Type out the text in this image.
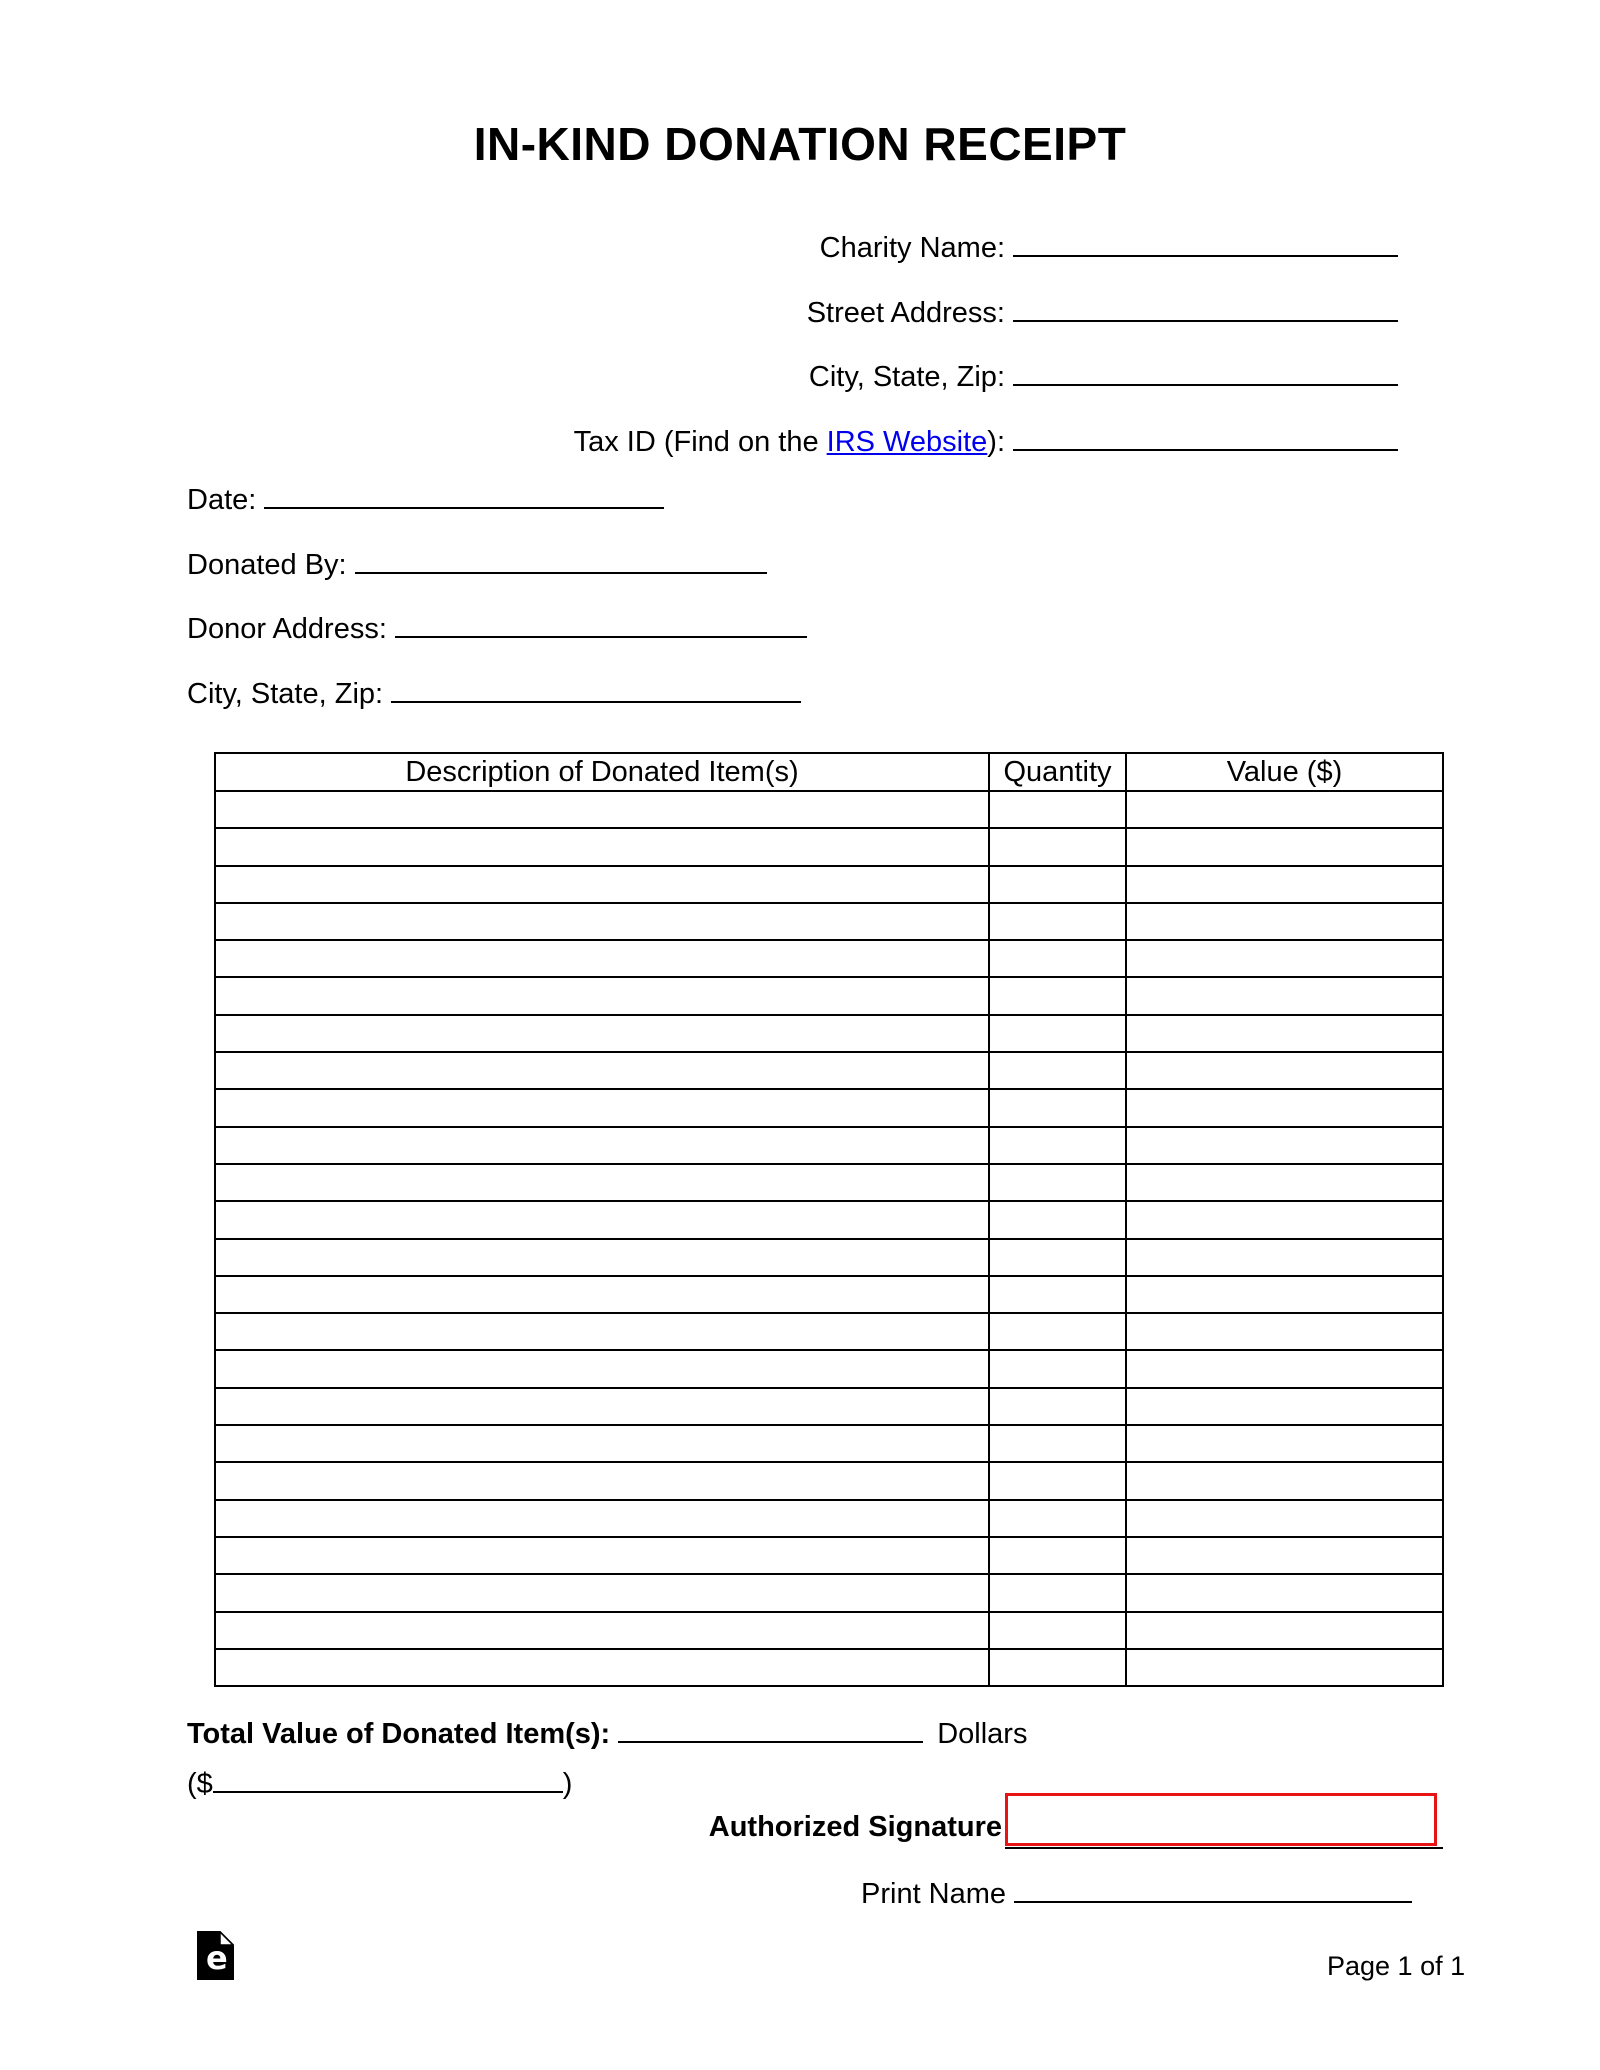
IN-KIND DONATION RECEIPT
Charity Name:
Street Address:
City, State, Zip:
Tax ID (Find on the IRS Website):
Date:
Donated By:
Donor Address:
City, State, Zip:
Description of Donated Item(s)	Quantity	Value ($)

Total Value of Donated Item(s):	Dollars
($	)
Authorized Signature
Print Name
e	Page 1 of 1
